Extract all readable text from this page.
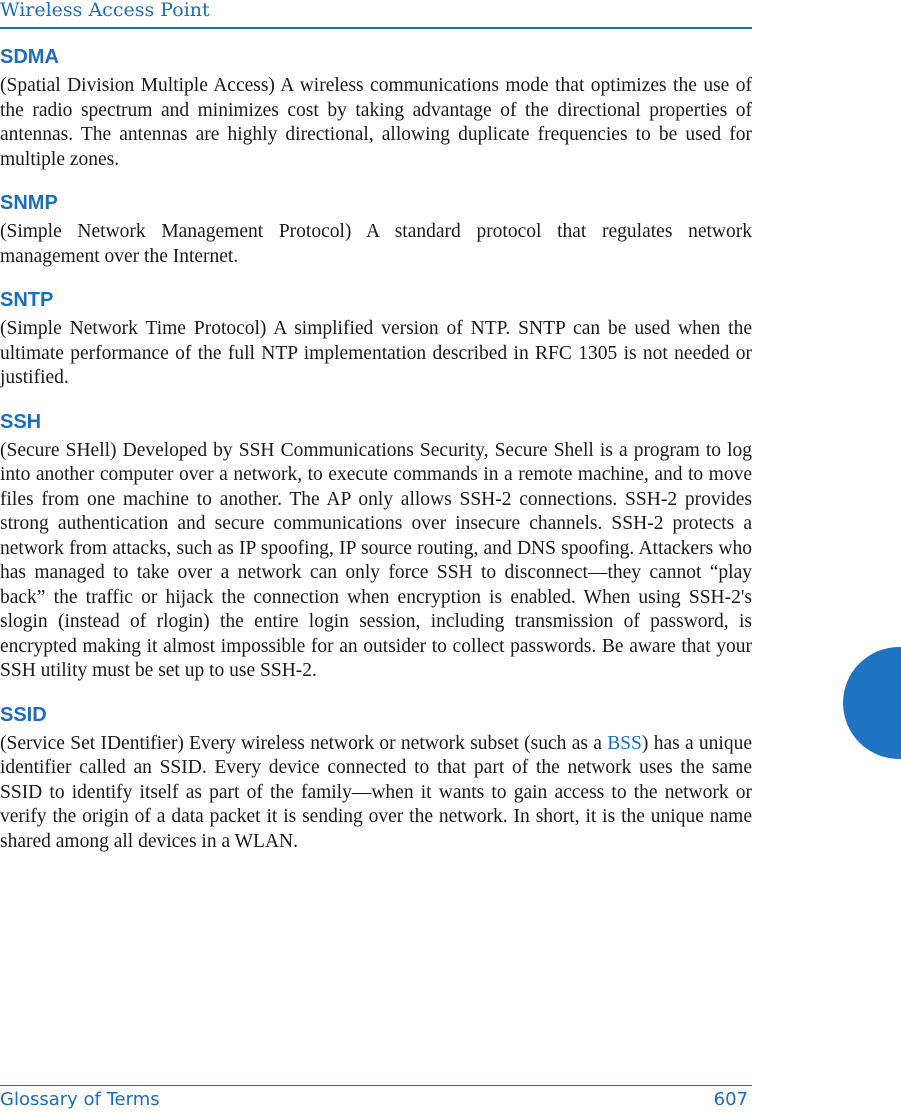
Wireless Access Point
SDMA

(Spatial Division Multiple Access) A wireless communications mode that optimizes the use of the radio spectrum and minimizes cost by taking advantage of the directional properties of antennas. The antennas are highly directional, allowing duplicate frequencies to be used for multiple zones.

SNMP

(Simple Network Management Protocol) A standard protocol that regulates network management over the Internet.

SNTP

(Simple Network Time Protocol) A simplified version of NTP. SNTP can be used when the ultimate performance of the full NTP implementation described in RFC 1305 is not needed or justified.

SSH

(Secure SHell) Developed by SSH Communications Security, Secure Shell is a program to log into another computer over a network, to execute commands in a remote machine, and to move files from one machine to another. The AP only allows SSH-2 connections. SSH-2 provides strong authentication and secure communications over insecure channels. SSH-2 protects a network from attacks, such as IP spoofing, IP source routing, and DNS spoofing. Attackers who has managed to take over a network can only force SSH to disconnect—they cannot “play back” the traffic or hijack the connection when encryption is enabled. When using SSH-2's slogin (instead of rlogin) the entire login session, including transmission of password, is encrypted making it almost impossible for an outsider to collect passwords. Be aware that your SSH utility must be set up to use SSH-2.

SSID

(Service Set IDentifier) Every wireless network or network subset (such as a BSS) has a unique identifier called an SSID. Every device connected to that part of the network uses the same SSID to identify itself as part of the family—when it wants to gain access to the network or verify the origin of a data packet it is sending over the network. In short, it is the unique name shared among all devices in a WLAN.

Glossary of Terms	607
